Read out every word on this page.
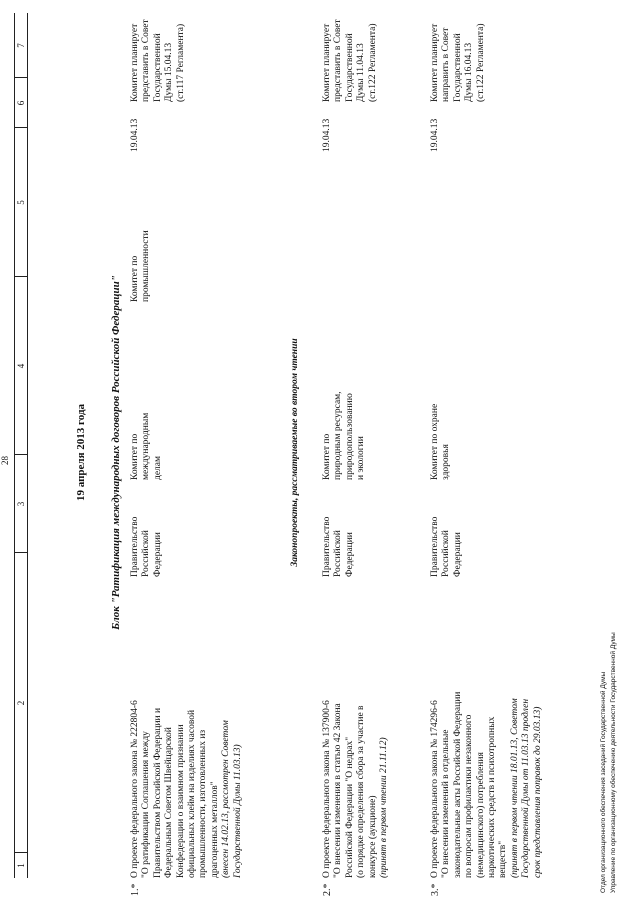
Отдел организационного обеспечения заседаний Государственной Думы Управление по организационному обеспечению деятельности Государственной Думы
28
1
2
3
4
5
6
7
19 апреля 2013 года Блок "Ратификация международных договоров Российской Федерации"	Законопроекты, рассматриваемые во втором чтении
1.*
О проекте федерального закона № 222804-6 "О ратификации Соглашения между Правительством Российской Федерации и Федеральным Советом Швейцарской Конфедерации о взаимном признании официальных клейм на изделиях часовой промышленности, изготовленных из драгоценных металлов" (внесен 14.02.13, рассмотрен Советом Государственной Думы 11.03.13)
Правительство Российской Федерации
Комитет по международным делам
Комитет по промышленности
19.04.13
Комитет планирует представить в Совет Государственной Думы 15.04.13 (ст.117 Регламента)
2.*
О проекте федерального закона № 137900-6 "О внесении изменения в статью 42 Закона Российской Федерации "О недрах" (о порядке определения сбора за участие в конкурсе (аукционе) (принят в первом чтении 21.11.12)
Правительство Российской Федерации
Комитет по природным ресурсам, природопользованию и экологии
19.04.13
Комитет планирует представить в Совет Государственной Думы 11.04.13 (ст.122 Регламента)
3.*
О проекте федерального закона № 174296-6 "О внесении изменений в отдельные законодательные акты Российской Федерации по вопросам профилактики незаконного (немедицинского) потребления наркотических средств и психотропных веществ" (принят в первом чтении 18.01.13, Советом Государственной Думы от 11.03.13 продлен срок представления поправок до 29.03.13)
Правительство Российской Федерации
Комитет по охране здоровья
19.04.13
Комитет планирует направить в Совет Государственной Думы 16.04.13 (ст.122 Регламента)
